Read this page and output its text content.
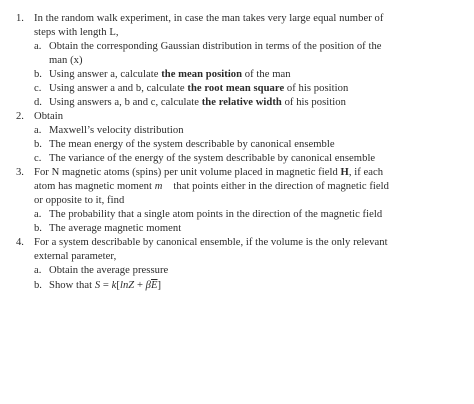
1. In the random walk experiment, in case the man takes very large equal number of
steps with length L,
a. Obtain the corresponding Gaussian distribution in terms of the position of the
man (x)
b. Using answer a, calculate the mean position of the man
c. Using answer a and b, calculate the root mean square of his position
d. Using answers a, b and c, calculate the relative width of his position
2. Obtain
a. Maxwell’s velocity distribution
b. The mean energy of the system describable by canonical ensemble
c. The variance of the energy of the system describable by canonical ensemble
3. For N magnetic atoms (spins) per unit volume placed in magnetic field H, if each
atom has magnetic moment m⃗ that points either in the direction of magnetic field
or opposite to it, find
a. The probability that a single atom points in the direction of the magnetic field
b. The average magnetic moment
4. For a system describable by canonical ensemble, if the volume is the only relevant
external parameter,
a. Obtain the average pressure
b. Show that $S = k[\ln Z + \beta\overline{E}]$
